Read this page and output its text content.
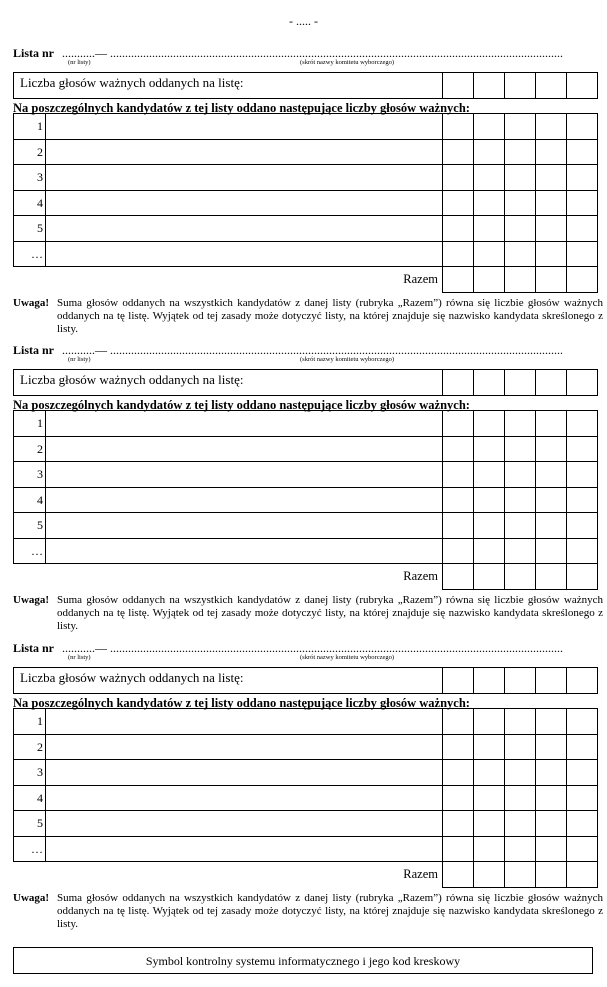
- ..... -
Lista nr ...........— .......................................................................................................................................................
(nr listy)	(skrót nazwy komitetu wyborczego)
Liczba głosów ważnych oddanych na listę:
Na poszczególnych kandydatów z tej listy oddano następujące liczby głosów ważnych:
1
2
3
4
5
…
Razem
Uwaga! Suma głosów oddanych na wszystkich kandydatów z danej listy (rubryka „Razem”) równa się liczbie głosów ważnych oddanych na tę listę. Wyjątek od tej zasady może dotyczyć listy, na której znajduje się nazwisko kandydata skreślonego z listy.
Lista nr ...........— .......................................................................................................................................................
(nr listy)	(skrót nazwy komitetu wyborczego)
Liczba głosów ważnych oddanych na listę:
Na poszczególnych kandydatów z tej listy oddano następujące liczby głosów ważnych:
1
2
3
4
5
…
Razem
Uwaga! Suma głosów oddanych na wszystkich kandydatów z danej listy (rubryka „Razem”) równa się liczbie głosów ważnych oddanych na tę listę. Wyjątek od tej zasady może dotyczyć listy, na której znajduje się nazwisko kandydata skreślonego z listy.
Lista nr ...........— .......................................................................................................................................................
(nr listy)	(skrót nazwy komitetu wyborczego)
Liczba głosów ważnych oddanych na listę:
Na poszczególnych kandydatów z tej listy oddano następujące liczby głosów ważnych:
1
2
3
4
5
…
Razem
Uwaga! Suma głosów oddanych na wszystkich kandydatów z danej listy (rubryka „Razem”) równa się liczbie głosów ważnych oddanych na tę listę. Wyjątek od tej zasady może dotyczyć listy, na której znajduje się nazwisko kandydata skreślonego z listy.
Symbol kontrolny systemu informatycznego i jego kod kreskowy
